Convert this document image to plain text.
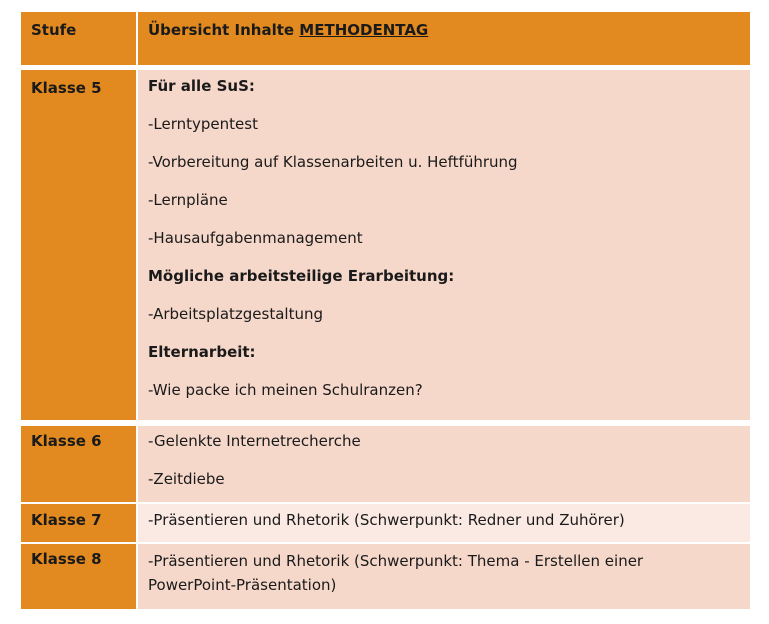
Stufe	Übersicht Inhalte METHODENTAG
Klasse 5	Für alle SuS:

-Lerntypentest

-Vorbereitung auf Klassenarbeiten u. Heftführung

-Lernpläne

-Hausaufgabenmanagement

Mögliche arbeitsteilige Erarbeitung:

-Arbeitsplatzgestaltung

Elternarbeit:

-Wie packe ich meinen Schulranzen?

Klasse 6	-Gelenkte Internetrecherche

-Zeitdiebe

Klasse 7	-Präsentieren und Rhetorik (Schwerpunkt: Redner und Zuhörer)

Klasse 8	-Präsentieren und Rhetorik (Schwerpunkt: Thema - Erstellen einer

PowerPoint-Präsentation)
